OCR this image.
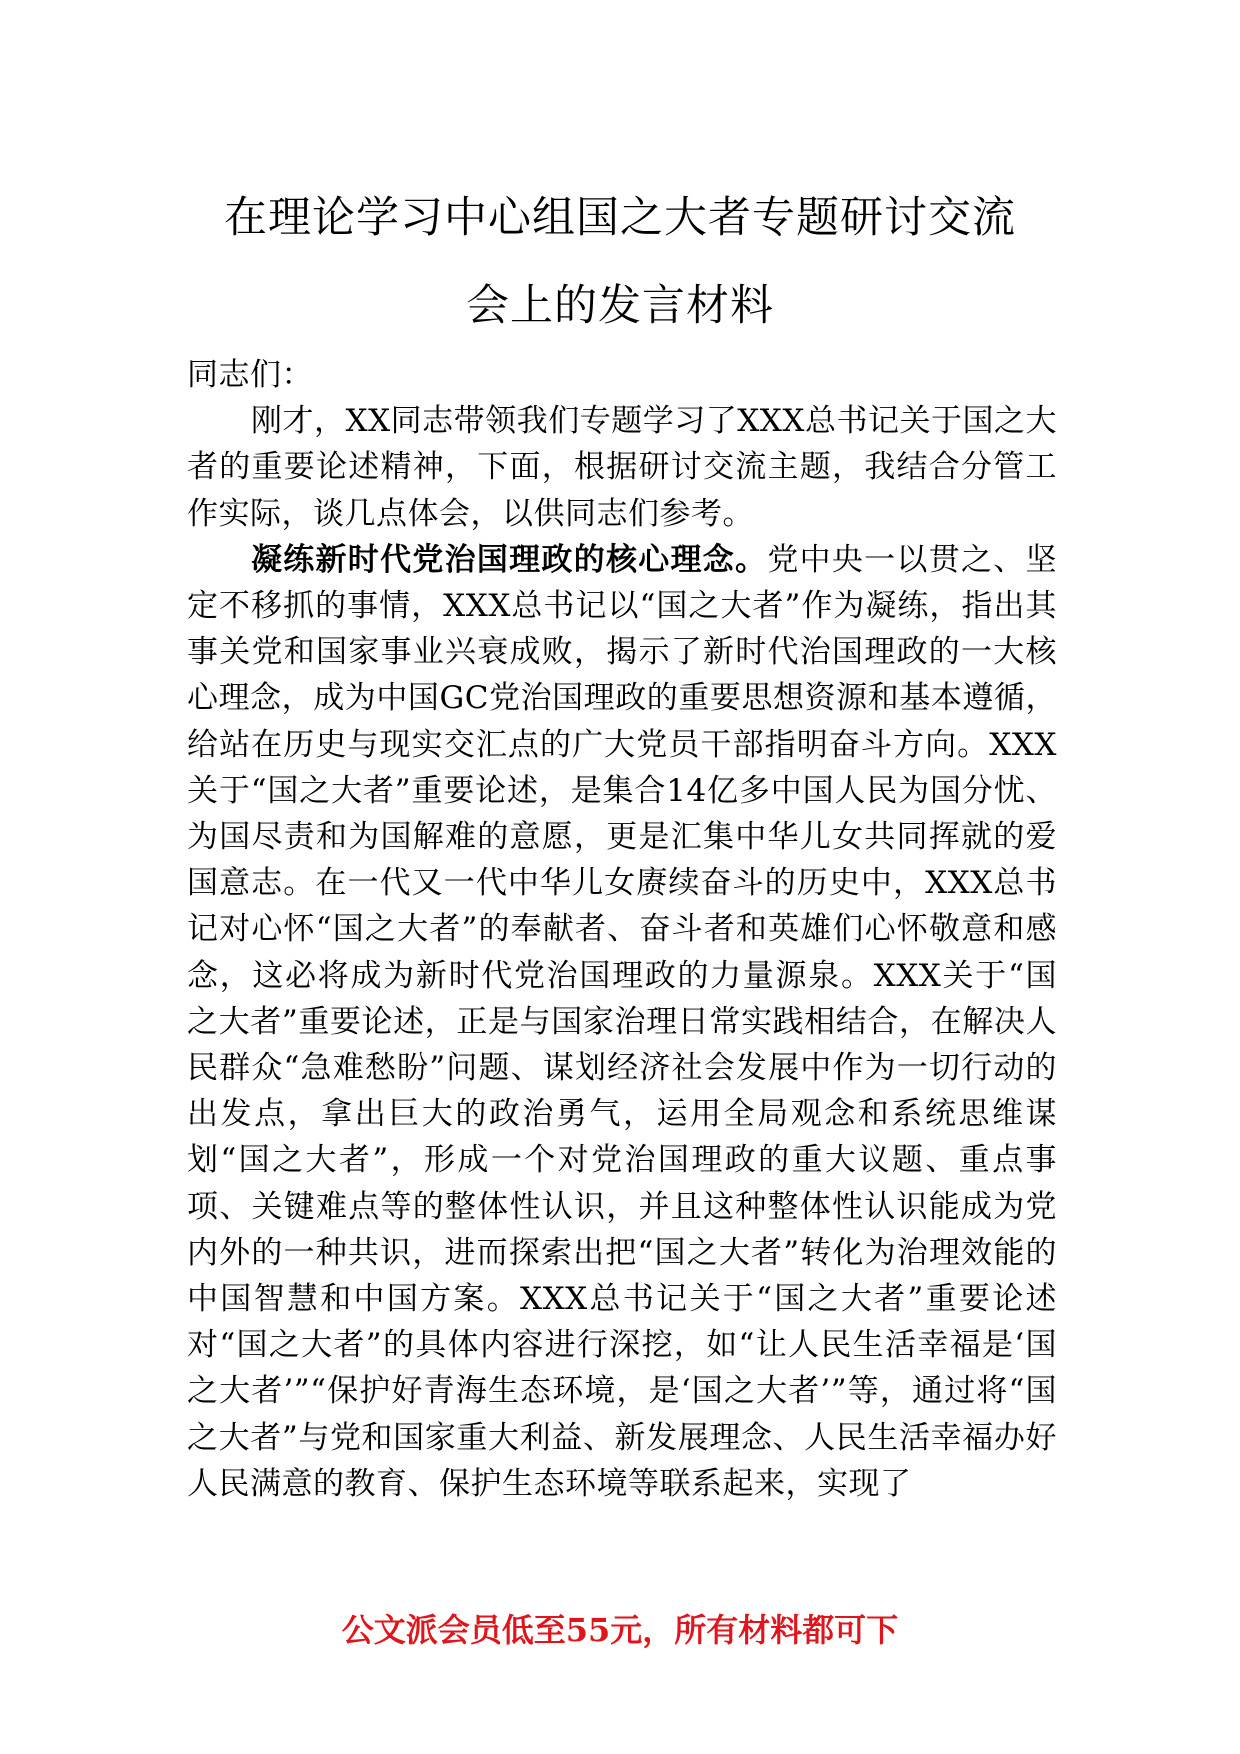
在理论学习中心组国之大者专题研讨交流
会上的发言材料

同志们：

刚才，XX同志带领我们专题学习了XXX总书记关于国之大者的重要论述精神，下面，根据研讨交流主题，我结合分管工作实际，谈几点体会，以供同志们参考。

凝练新时代党治国理政的核心理念。党中央一以贯之、坚定不移抓的事情，XXX总书记以“国之大者”作为凝练，指出其事关党和国家事业兴衰成败，揭示了新时代治国理政的一大核心理念，成为中国GC党治国理政的重要思想资源和基本遵循，给站在历史与现实交汇点的广大党员干部指明奋斗方向。XXX关于“国之大者”重要论述，是集合14亿多中国人民为国分忧、为国尽责和为国解难的意愿，更是汇集中华儿女共同挥就的爱国意志。在一代又一代中华儿女赓续奋斗的历史中，XXX总书记对心怀“国之大者”的奉献者、奋斗者和英雄们心怀敬意和感念，这必将成为新时代党治国理政的力量源泉。XXX关于“国之大者”重要论述，正是与国家治理日常实践相结合，在解决人民群众“急难愁盼”问题、谋划经济社会发展中作为一切行动的出发点，拿出巨大的政治勇气，运用全局观念和系统思维谋划“国之大者”，形成一个对党治国理政的重大议题、重点事项、关键难点等的整体性认识，并且这种整体性认识能成为党内外的一种共识，进而探索出把“国之大者”转化为治理效能的中国智慧和中国方案。XXX总书记关于“国之大者”重要论述对“国之大者”的具体内容进行深挖，如“让人民生活幸福是‘国之大者’”“保护好青海生态环境，是‘国之大者’”等，通过将“国之大者”与党和国家重大利益、新发展理念、人民生活幸福办好人民满意的教育、保护生态环境等联系起来，实现了

公文派会员低至55元，所有材料都可下
